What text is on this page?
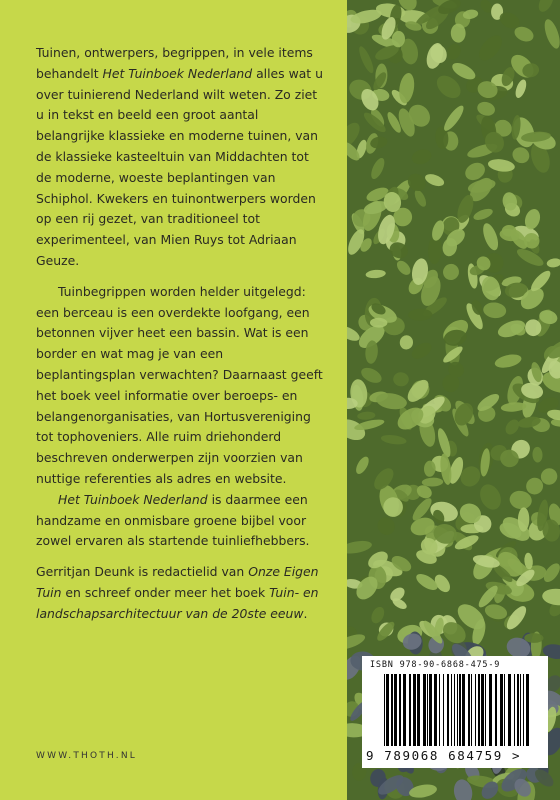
Tuinen, ontwerpers, begrippen, in vele items behandelt Het Tuinboek Nederland alles wat u over tuinierend Nederland wilt weten. Zo ziet u in tekst en beeld een groot aantal belangrijke klassieke en moderne tuinen, van de klassieke kasteeltuin van Middachten tot de moderne, woeste beplantingen van Schiphol. Kwekers en tuinontwerpers worden op een rij gezet, van traditioneel tot experimenteel, van Mien Ruys tot Adriaan Geuze.

Tuinbegrippen worden helder uitgelegd: een berceau is een overdekte loofgang, een betonnen vijver heet een bassin. Wat is een border en wat mag je van een beplantingsplan verwachten? Daarnaast geeft het boek veel informatie over beroeps- en belangenorganisaties, van Hortusvereniging tot tophoveniers. Alle ruim driehonderd beschreven onderwerpen zijn voorzien van nuttige referenties als adres en website.

Het Tuinboek Nederland is daarmee een handzame en onmisbare groene bijbel voor zowel ervaren als startende tuinliefhebbers.

Gerritjan Deunk is redactielid van Onze Eigen Tuin en schreef onder meer het boek Tuin- en landschapsarchitectuur van de 20ste eeuw.

WWW.THOTH.NL
ISBN 978-90-6868-475-9
9 789068 684759 >
